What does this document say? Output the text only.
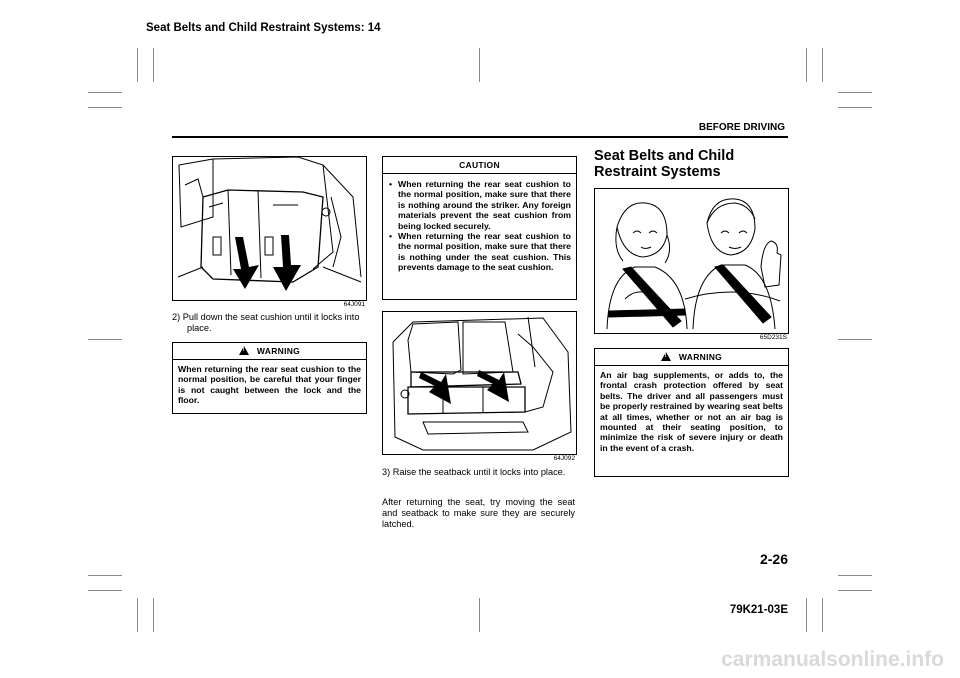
Seat Belts and Child Restraint Systems: 14
BEFORE DRIVING
64J091
2) Pull down the seat cushion until it locks into place.
!
WARNING
When returning the rear seat cushion to the normal position, be careful that your finger is not caught between the lock and the floor.
CAUTION
• When returning the rear seat cushion to the normal position, make sure that there is nothing around the striker. Any foreign materials prevent the seat cushion from being locked securely.
• When returning the rear seat cushion to the normal position, make sure that there is nothing under the seat cushion. This prevents damage to the seat cushion.
64J092
3) Raise the seatback until it locks into place.
After returning the seat, try moving the seat and seatback to make sure they are securely latched.
Seat Belts and Child Restraint Systems
65D231S
!
WARNING
An air bag supplements, or adds to, the frontal crash protection offered by seat belts. The driver and all passengers must be properly restrained by wearing seat belts at all times, whether or not an air bag is mounted at their seating position, to minimize the risk of severe injury or death in the event of a crash.
2-26
79K21-03E
carmanualsonline.info
